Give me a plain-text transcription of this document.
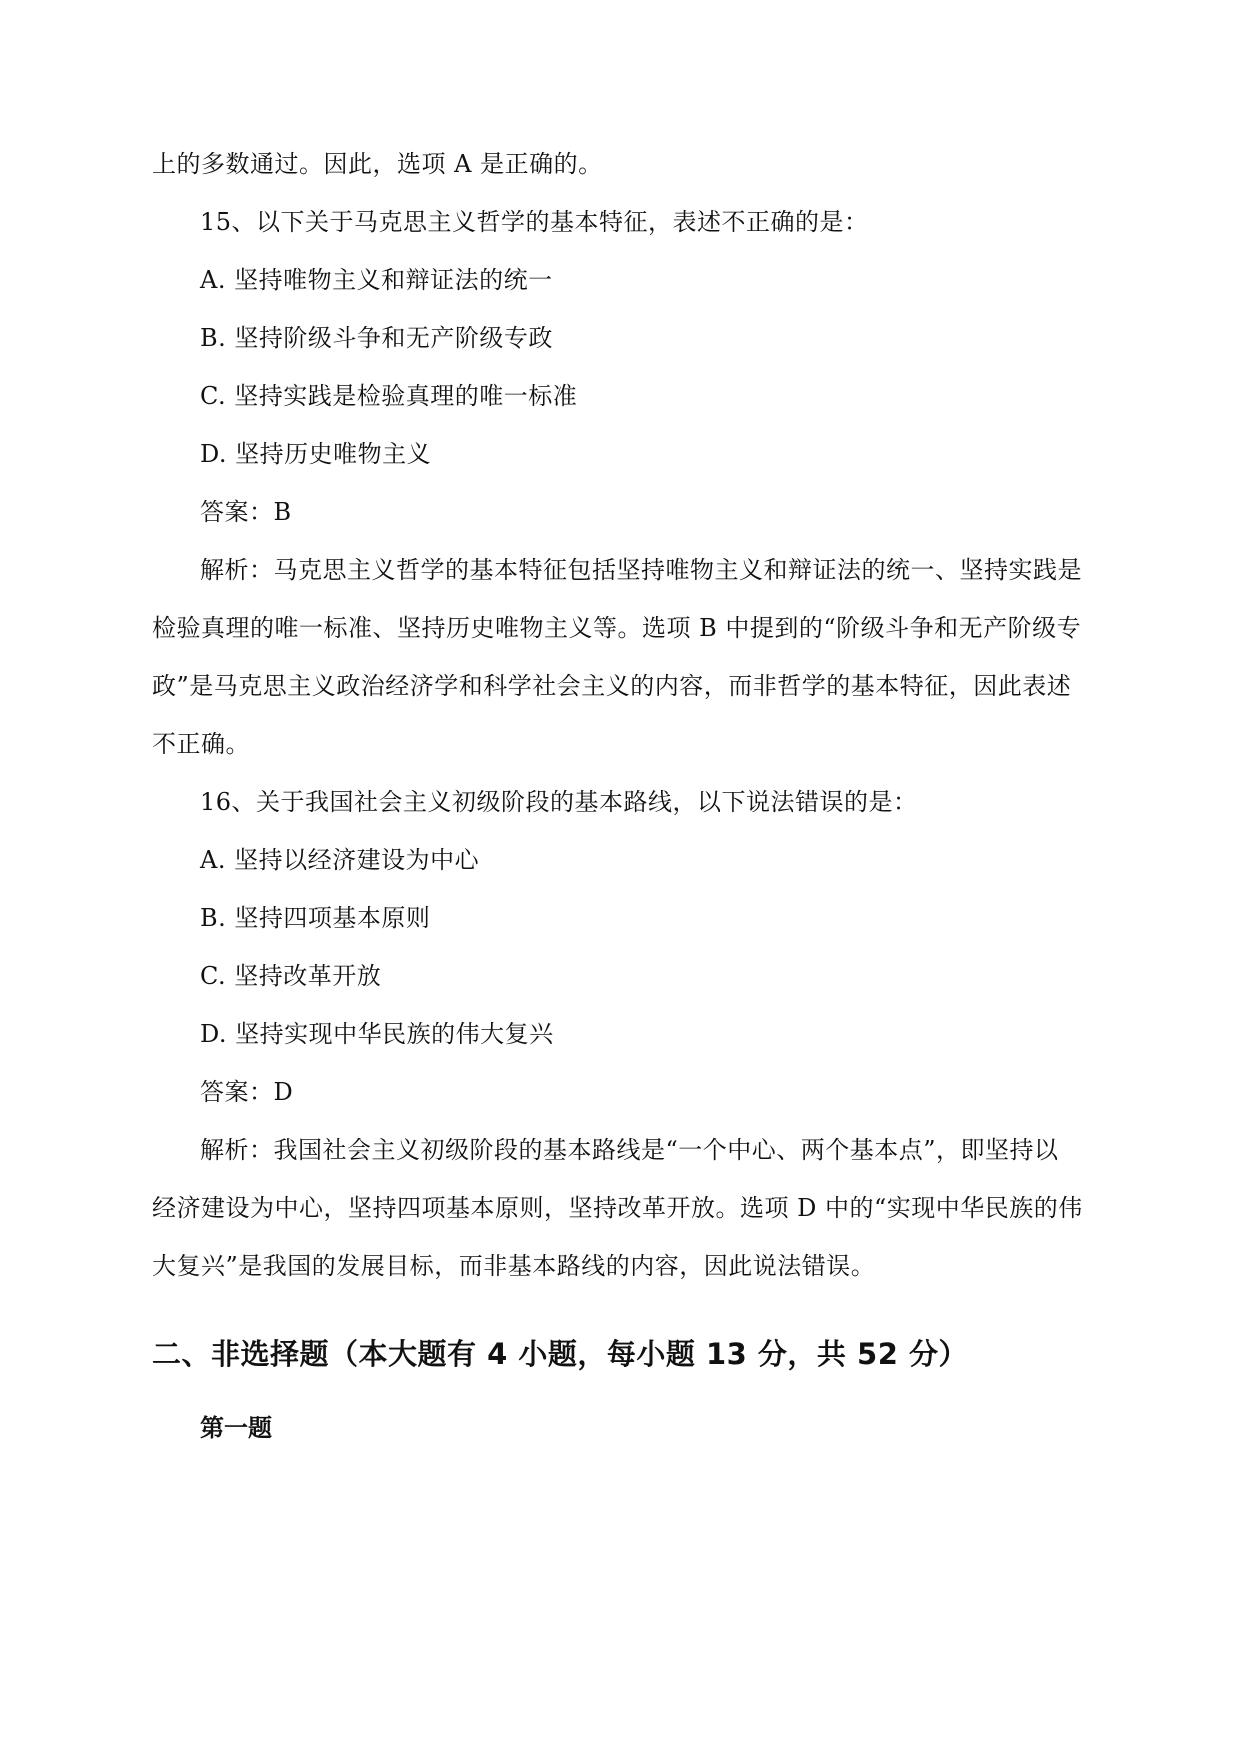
上的多数通过。因此，选项 A 是正确的。
15、以下关于马克思主义哲学的基本特征，表述不正确的是：
A. 坚持唯物主义和辩证法的统一
B. 坚持阶级斗争和无产阶级专政
C. 坚持实践是检验真理的唯一标准
D. 坚持历史唯物主义
答案：B
解析：马克思主义哲学的基本特征包括坚持唯物主义和辩证法的统一、坚持实践是
检验真理的唯一标准、坚持历史唯物主义等。选项 B 中提到的“阶级斗争和无产阶级专
政”是马克思主义政治经济学和科学社会主义的内容，而非哲学的基本特征，因此表述
不正确。
16、关于我国社会主义初级阶段的基本路线，以下说法错误的是：
A. 坚持以经济建设为中心
B. 坚持四项基本原则
C. 坚持改革开放
D. 坚持实现中华民族的伟大复兴
答案：D
解析：我国社会主义初级阶段的基本路线是“一个中心、两个基本点”，即坚持以
经济建设为中心，坚持四项基本原则，坚持改革开放。选项 D 中的“实现中华民族的伟
大复兴”是我国的发展目标，而非基本路线的内容，因此说法错误。
二、非选择题（本大题有 4 小题，每小题 13 分，共 52 分）
第一题
